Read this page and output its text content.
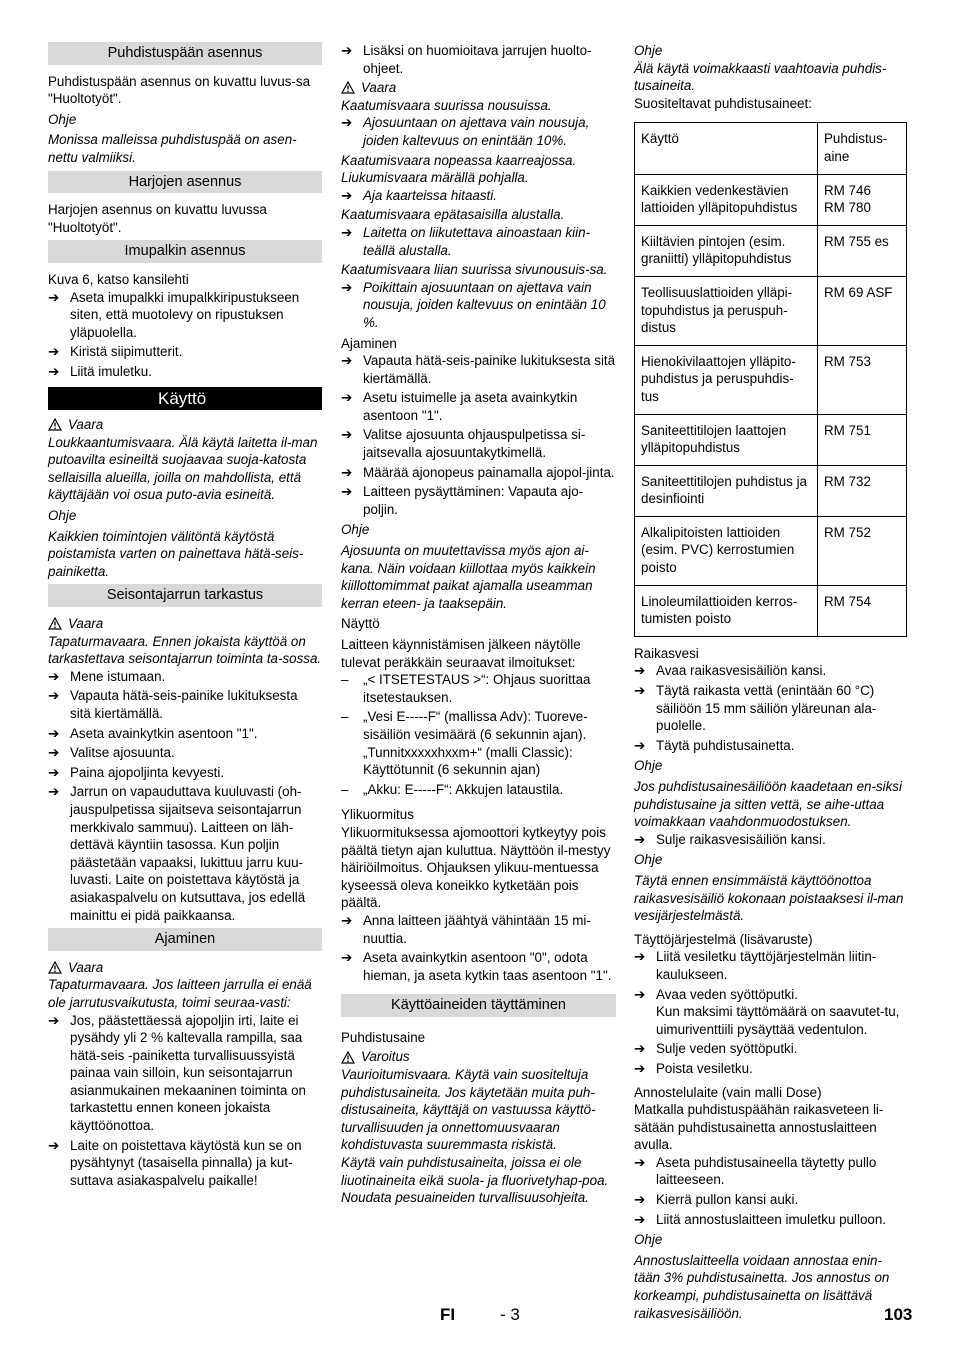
Puhdistuspään asennus

Puhdistuspään asennus on kuvattu luvus-sa "Huoltotyöt".

Ohje

Monissa malleissa puhdistuspää on asen-nettu valmiiksi.

Harjojen asennus

Harjojen asennus on kuvattu luvussa "Huoltotyöt".

Imupalkin asennus

Kuva 6, katso kansilehti

➔ Aseta imupalkki imupalkkiripustukseen siten, että muotolevy on ripustuksen yläpuolella.
➔ Kiristä siipimutterit.
➔ Liitä imuletku.
Käyttö
Vaara

Loukkaantumisvaara. Älä käytä laitetta il-man putoavilta esineiltä suojaavaa suoja-katosta sellaisilla alueilla, joilla on mahdollista, että käyttäjään voi osua puto-avia esineitä.

Ohje

Kaikkien toimintojen välitöntä käytöstä poistamista varten on painettava hätä-seis-painiketta.

Seisontajarrun tarkastus
Vaara

Tapaturmavaara. Ennen jokaista käyttöä on tarkastettava seisontajarrun toiminta ta-sossa.

➔ Mene istumaan.
➔ Vapauta hätä-seis-painike lukituksesta sitä kiertämällä.
➔ Aseta avainkytkin asentoon "1".
➔ Valitse ajosuunta.
➔ Paina ajopoljinta kevyesti.
➔ Jarrun on vapauduttava kuuluvasti (oh-jauspulpetissa sijaitseva seisontajarrun merkkivalo sammuu). Laitteen on läh-dettävä käyntiin tasossa. Kun poljin päästetään vapaaksi, lukittuu jarru kuu-luvasti. Laite on poistettava käytöstä ja asiakaspalvelu on kutsuttava, jos edellä mainittu ei pidä paikkaansa.
Ajaminen
Vaara

Tapaturmavaara. Jos laitteen jarrulla ei enää ole jarrutusvaikutusta, toimi seuraa-vasti:

➔ Jos, päästettäessä ajopoljin irti, laite ei pysähdy yli 2 % kaltevalla rampilla, saa hätä-seis -painiketta turvallisuussyistä painaa vain silloin, kun seisontajarrun asianmukainen mekaaninen toiminta on tarkastettu ennen koneen jokaista käyttöönottoa.
➔ Laite on poistettava käytöstä kun se on pysähtynyt (tasaisella pinnalla) ja kut-suttava asiakaspalvelu paikalle!
➔ Lisäksi on huomioitava jarrujen huolto-ohjeet.
Vaara

Kaatumisvaara suurissa nousuissa.

➔ Ajosuuntaan on ajettava vain nousuja, joiden kaltevuus on enintään 10%.

Kaatumisvaara nopeassa kaarreajossa.

Liukumisvaara märällä pohjalla.

➔ Aja kaarteissa hitaasti.

Kaatumisvaara epätasaisilla alustalla.

➔ Laitetta on liikutettava ainoastaan kiin-teällä alustalla.

Kaatumisvaara liian suurissa sivunousuis-sa.

➔ Poikittain ajosuuntaan on ajettava vain nousuja, joiden kaltevuus on enintään 10 %.

Ajaminen

➔ Vapauta hätä-seis-painike lukituksesta sitä kiertämällä.
➔ Asetu istuimelle ja aseta avainkytkin asentoon "1".
➔ Valitse ajosuunta ohjauspulpetissa si-jaitsevalla ajosuuntakytkimellä.
➔ Määrää ajonopeus painamalla ajopol-jinta.
➔ Laitteen pysäyttäminen: Vapauta ajo-poljin.

Ohje

Ajosuunta on muutettavissa myös ajon ai-kana. Näin voidaan kiillottaa myös kaikkein kiillottomimmat paikat ajamalla useamman kerran eteen- ja taaksepäin.

Näyttö

Laitteen käynnistämisen jälkeen näytölle tulevat peräkkäin seuraavat ilmoitukset:

–	„< ITSETESTAUS >“: Ohjaus suorittaa itsetestauksen.
–	„Vesi E-----F“ (mallissa Adv): Tuoreve-sisäiliön vesimäärä (6 sekunnin ajan). „Tunnitxxxxxhxxm+“ (malli Classic): Käyttötunnit (6 sekunnin ajan)
–	„Akku: E-----F“: Akkujen lataustila.

Ylikuormitus

Ylikuormituksessa ajomoottori kytkeytyy pois päältä tietyn ajan kuluttua. Näyttöön il-mestyy häiriöilmoitus. Ohjauksen ylikuu-mentuessa kyseessä oleva koneikko kytketään pois päältä.

➔ Anna laitteen jäähtyä vähintään 15 mi-nuuttia.
➔ Aseta avainkytkin asentoon "0", odota hieman, ja aseta kytkin taas asentoon "1".
Käyttöaineiden täyttäminen

Puhdistusaine

Varoitus

Vaurioitumisvaara. Käytä vain suositeltuja puhdistusaineita. Jos käytetään muita puh-distusaineita, käyttäjä on vastuussa käyttö-turvallisuuden ja onnettomuusvaaran kohdistuvasta suuremmasta riskistä.

Käytä vain puhdistusaineita, joissa ei ole liuotinaineita eikä suola- ja fluorivetyhap-poa.

Noudata pesuaineiden turvallisuusohjeita.

Ohje

Älä käytä voimakkaasti vaahtoavia puhdis-tusaineita.

Suositeltavat puhdistusaineet:

Käyttö	Puhdistus-aine
Kaikkien vedenkestävien lattioiden ylläpitopuhdistus	RM 746
RM 780
Kiiltävien pintojen (esim. graniitti) ylläpitopuhdistus	RM 755 es
Teollisuuslattioiden ylläpi-topuhdistus ja peruspuh-distus	RM 69 ASF
Hienokivilaattojen ylläpito-puhdistus ja peruspuhdis-tus	RM 753
Saniteettitilojen laattojen ylläpitopuhdistus	RM 751
Saniteettitilojen puhdistus ja desinfiointi	RM 732
Alkalipitoisten lattioiden (esim. PVC) kerrostumien poisto	RM 752
Linoleumilattioiden kerros-tumisten poisto	RM 754

Raikasvesi

➔ Avaa raikasvesisäiliön kansi.
➔ Täytä raikasta vettä (enintään 60 °C) säiliöön 15 mm säiliön yläreunan ala-puolelle.
➔ Täytä puhdistusainetta.

Ohje

Jos puhdistusainesäiliöön kaadetaan en-siksi puhdistusaine ja sitten vettä, se aihe-uttaa voimakkaan vaahdonmuodostuksen.

➔ Sulje raikasvesisäiliön kansi.

Ohje

Täytä ennen ensimmäistä käyttöönottoa raikasvesisäiliö kokonaan poistaaksesi il-man vesijärjestelmästä.

Täyttöjärjestelmä (lisävaruste)

➔ Liitä vesiletku täyttöjärjestelmän liitin-kaulukseen.
➔ Avaa veden syöttöputki.

Kun maksimi täyttömäärä on saavutet-tu, uimuriventtiili pysäyttää vedentulon.

➔ Sulje veden syöttöputki.
➔ Poista vesiletku.

Annostelulaite (vain malli Dose)

Matkalla puhdistuspäähän raikasveteen li-sätään puhdistusainetta annostuslaitteen avulla.

➔ Aseta puhdistusaineella täytetty pullo laitteeseen.
➔ Kierrä pullon kansi auki.
➔ Liitä annostuslaitteen imuletku pulloon.

Ohje

Annostuslaitteella voidaan annostaa enin-tään 3% puhdistusainetta. Jos annostus on korkeampi, puhdistusainetta on lisättävä raikasvesisäiliöön.

FI	- 3	103
